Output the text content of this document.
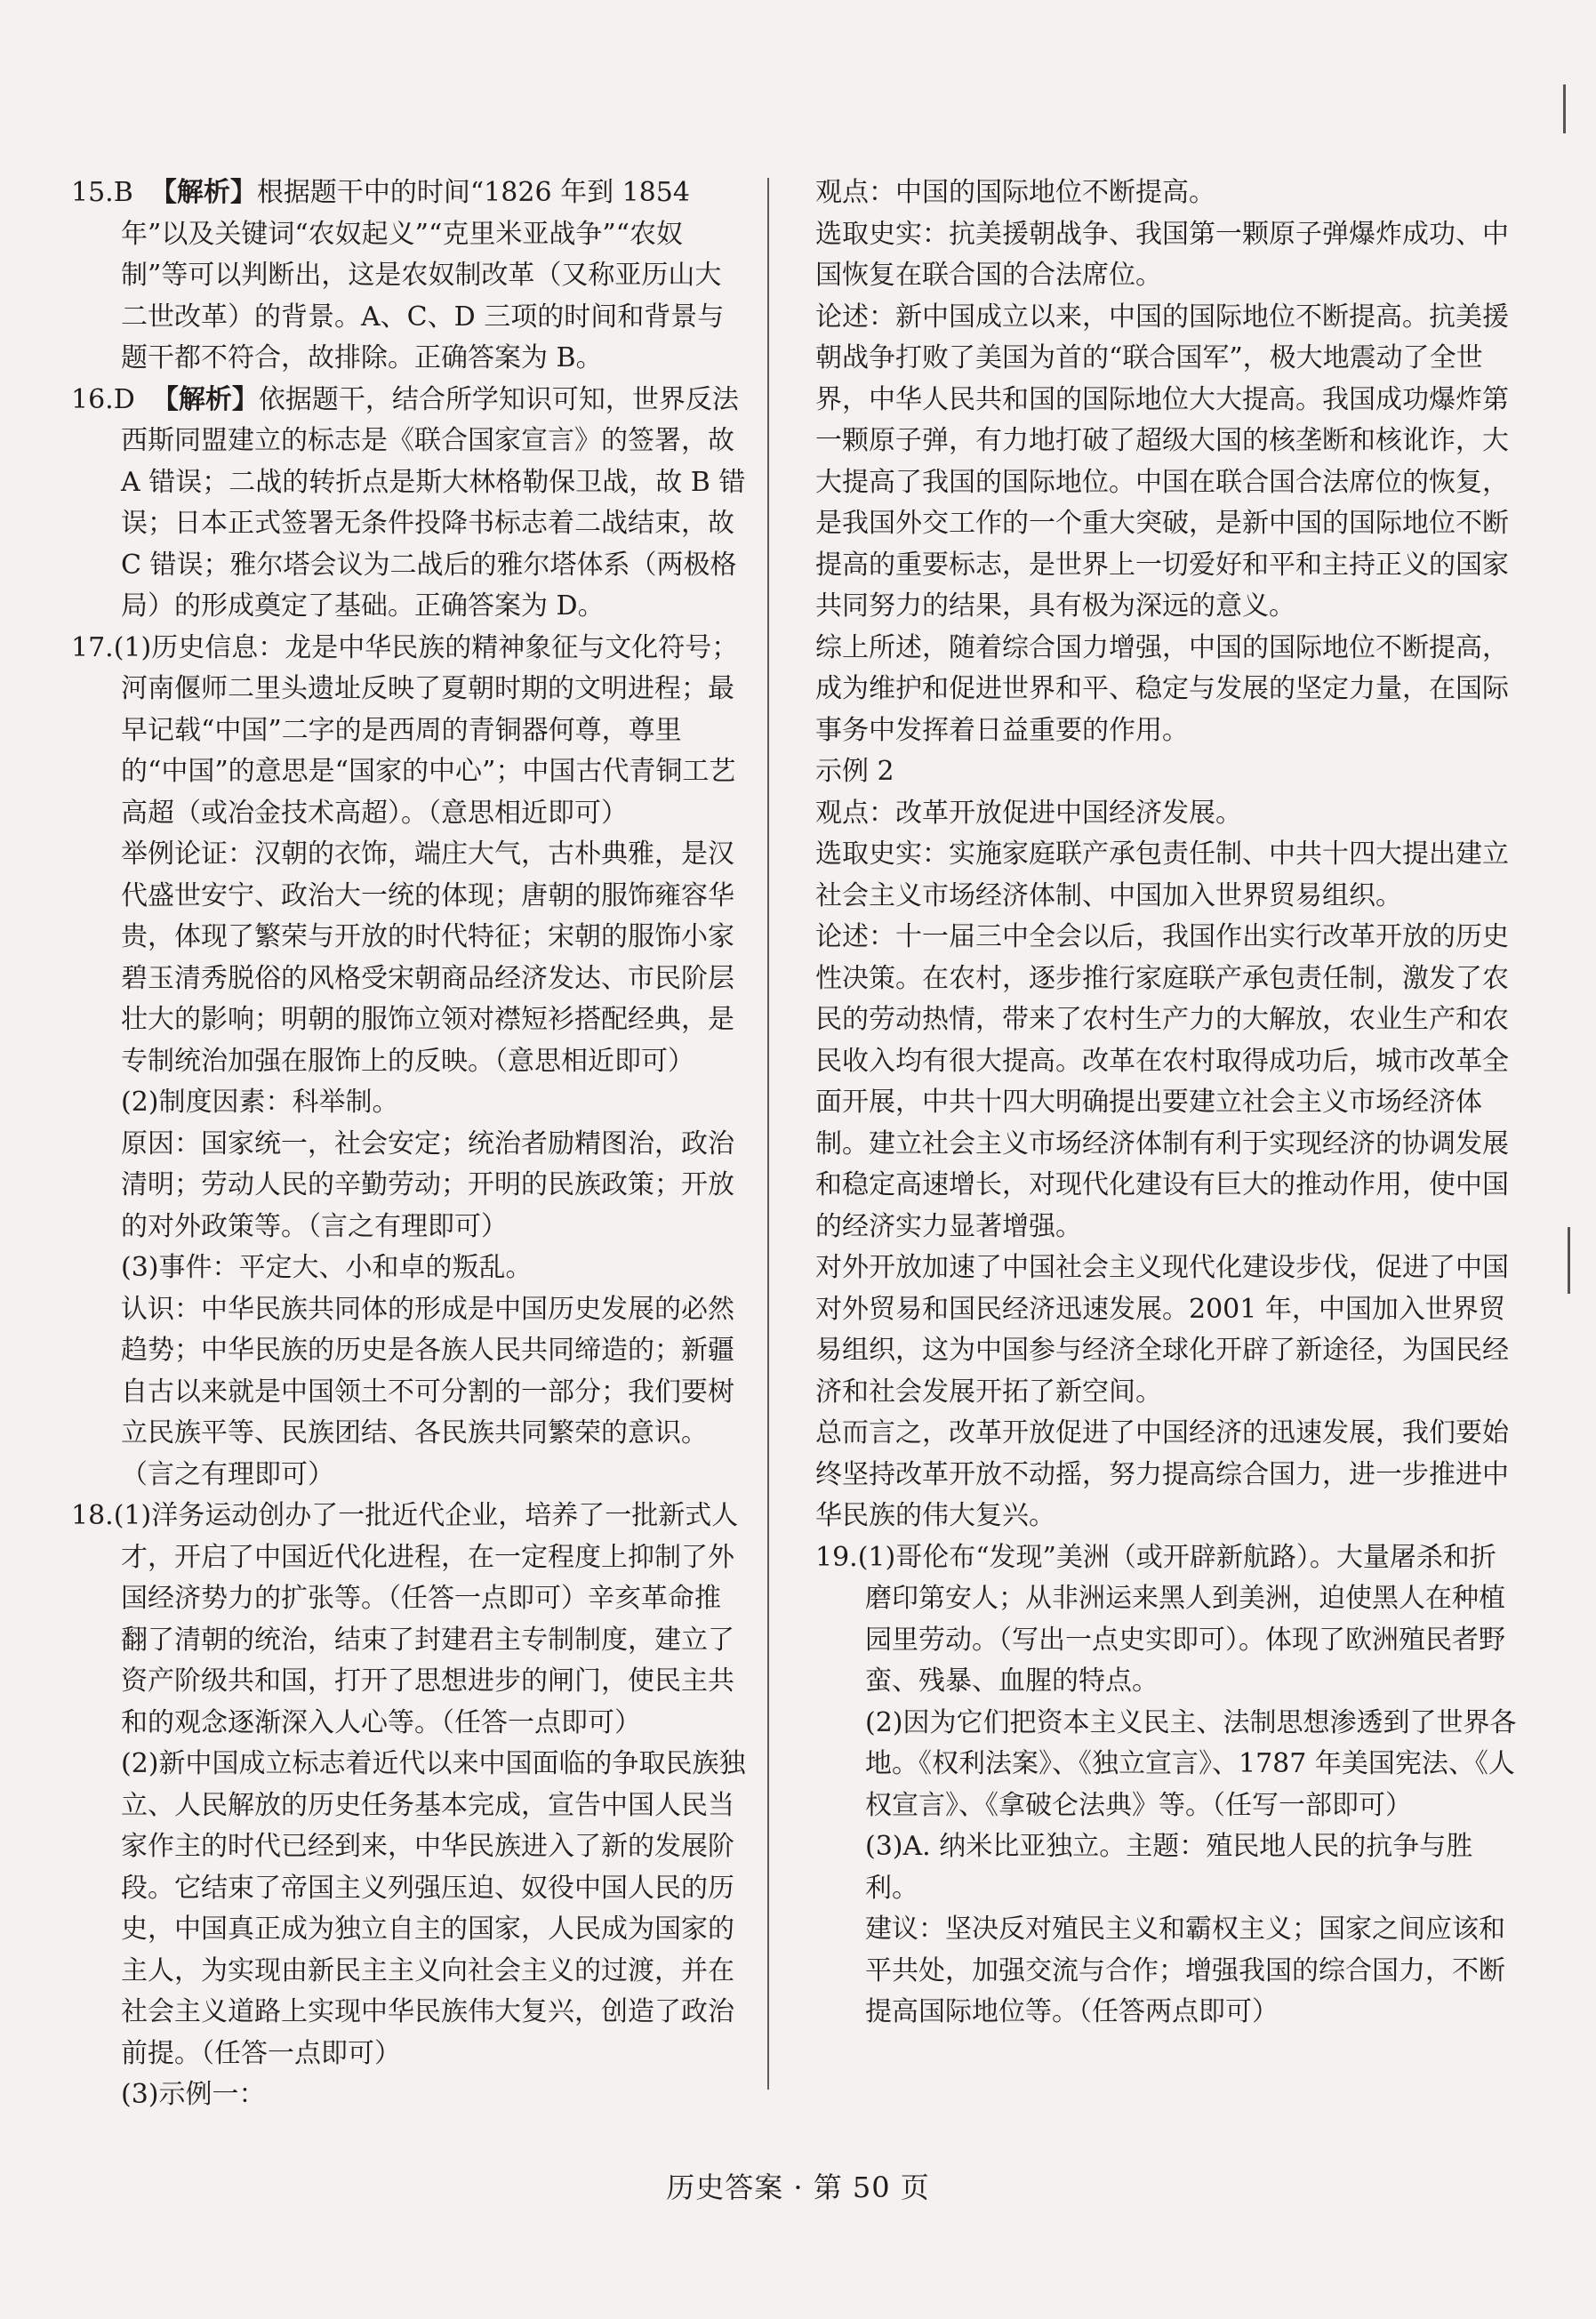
15.B 【解析】根据题干中的时间“1826 年到 1854 年”以及关键词“农奴起义”“克里米亚战争”“农奴制”等可以判断出，这是农奴制改革（又称亚历山大二世改革）的背景。A、C、D 三项的时间和背景与题干都不符合，故排除。正确答案为 B。
16.D 【解析】依据题干，结合所学知识可知，世界反法西斯同盟建立的标志是《联合国家宣言》的签署，故 A 错误；二战的转折点是斯大林格勒保卫战，故 B 错误；日本正式签署无条件投降书标志着二战结束，故 C 错误；雅尔塔会议为二战后的雅尔塔体系（两极格局）的形成奠定了基础。正确答案为 D。
17.(1)历史信息：龙是中华民族的精神象征与文化符号；河南偃师二里头遗址反映了夏朝时期的文明进程；最早记载“中国”二字的是西周的青铜器何尊，尊里的“中国”的意思是“国家的中心”；中国古代青铜工艺高超（或冶金技术高超）。（意思相近即可）
举例论证：汉朝的衣饰，端庄大气，古朴典雅，是汉代盛世安宁、政治大一统的体现；唐朝的服饰雍容华贵，体现了繁荣与开放的时代特征；宋朝的服饰小家碧玉清秀脱俗的风格受宋朝商品经济发达、市民阶层壮大的影响；明朝的服饰立领对襟短衫搭配经典，是专制统治加强在服饰上的反映。（意思相近即可）
(2)制度因素：科举制。
原因：国家统一，社会安定；统治者励精图治，政治清明；劳动人民的辛勤劳动；开明的民族政策；开放的对外政策等。（言之有理即可）
(3)事件：平定大、小和卓的叛乱。
认识：中华民族共同体的形成是中国历史发展的必然趋势；中华民族的历史是各族人民共同缔造的；新疆自古以来就是中国领土不可分割的一部分；我们要树立民族平等、民族团结、各民族共同繁荣的意识。（言之有理即可）
18.(1)洋务运动创办了一批近代企业，培养了一批新式人才，开启了中国近代化进程，在一定程度上抑制了外国经济势力的扩张等。（任答一点即可）辛亥革命推翻了清朝的统治，结束了封建君主专制制度，建立了资产阶级共和国，打开了思想进步的闸门，使民主共和的观念逐渐深入人心等。（任答一点即可）
(2)新中国成立标志着近代以来中国面临的争取民族独立、人民解放的历史任务基本完成，宣告中国人民当家作主的时代已经到来，中华民族进入了新的发展阶段。它结束了帝国主义列强压迫、奴役中国人民的历史，中国真正成为独立自主的国家，人民成为国家的主人，为实现由新民主主义向社会主义的过渡，并在社会主义道路上实现中华民族伟大复兴，创造了政治前提。（任答一点即可）
(3)示例一：
观点：中国的国际地位不断提高。
选取史实：抗美援朝战争、我国第一颗原子弹爆炸成功、中国恢复在联合国的合法席位。
论述：新中国成立以来，中国的国际地位不断提高。抗美援朝战争打败了美国为首的“联合国军”，极大地震动了全世界，中华人民共和国的国际地位大大提高。我国成功爆炸第一颗原子弹，有力地打破了超级大国的核垄断和核讹诈，大大提高了我国的国际地位。中国在联合国合法席位的恢复，是我国外交工作的一个重大突破，是新中国的国际地位不断提高的重要标志，是世界上一切爱好和平和主持正义的国家共同努力的结果，具有极为深远的意义。
综上所述，随着综合国力增强，中国的国际地位不断提高，成为维护和促进世界和平、稳定与发展的坚定力量，在国际事务中发挥着日益重要的作用。
示例 2
观点：改革开放促进中国经济发展。
选取史实：实施家庭联产承包责任制、中共十四大提出建立社会主义市场经济体制、中国加入世界贸易组织。
论述：十一届三中全会以后，我国作出实行改革开放的历史性决策。在农村，逐步推行家庭联产承包责任制，激发了农民的劳动热情，带来了农村生产力的大解放，农业生产和农民收入均有很大提高。改革在农村取得成功后，城市改革全面开展，中共十四大明确提出要建立社会主义市场经济体制。建立社会主义市场经济体制有利于实现经济的协调发展和稳定高速增长，对现代化建设有巨大的推动作用，使中国的经济实力显著增强。
对外开放加速了中国社会主义现代化建设步伐，促进了中国对外贸易和国民经济迅速发展。2001 年，中国加入世界贸易组织，这为中国参与经济全球化开辟了新途径，为国民经济和社会发展开拓了新空间。
总而言之，改革开放促进了中国经济的迅速发展，我们要始终坚持改革开放不动摇，努力提高综合国力，进一步推进中华民族的伟大复兴。
19.(1)哥伦布“发现”美洲（或开辟新航路）。大量屠杀和折磨印第安人；从非洲运来黑人到美洲，迫使黑人在种植园里劳动。（写出一点史实即可）。体现了欧洲殖民者野蛮、残暴、血腥的特点。
(2)因为它们把资本主义民主、法制思想渗透到了世界各地。《权利法案》、《独立宣言》、1787 年美国宪法、《人权宣言》、《拿破仑法典》等。（任写一部即可）
(3)A. 纳米比亚独立。主题：殖民地人民的抗争与胜利。
建议：坚决反对殖民主义和霸权主义；国家之间应该和平共处，加强交流与合作；增强我国的综合国力，不断提高国际地位等。（任答两点即可）
历史答案 · 第 50 页
